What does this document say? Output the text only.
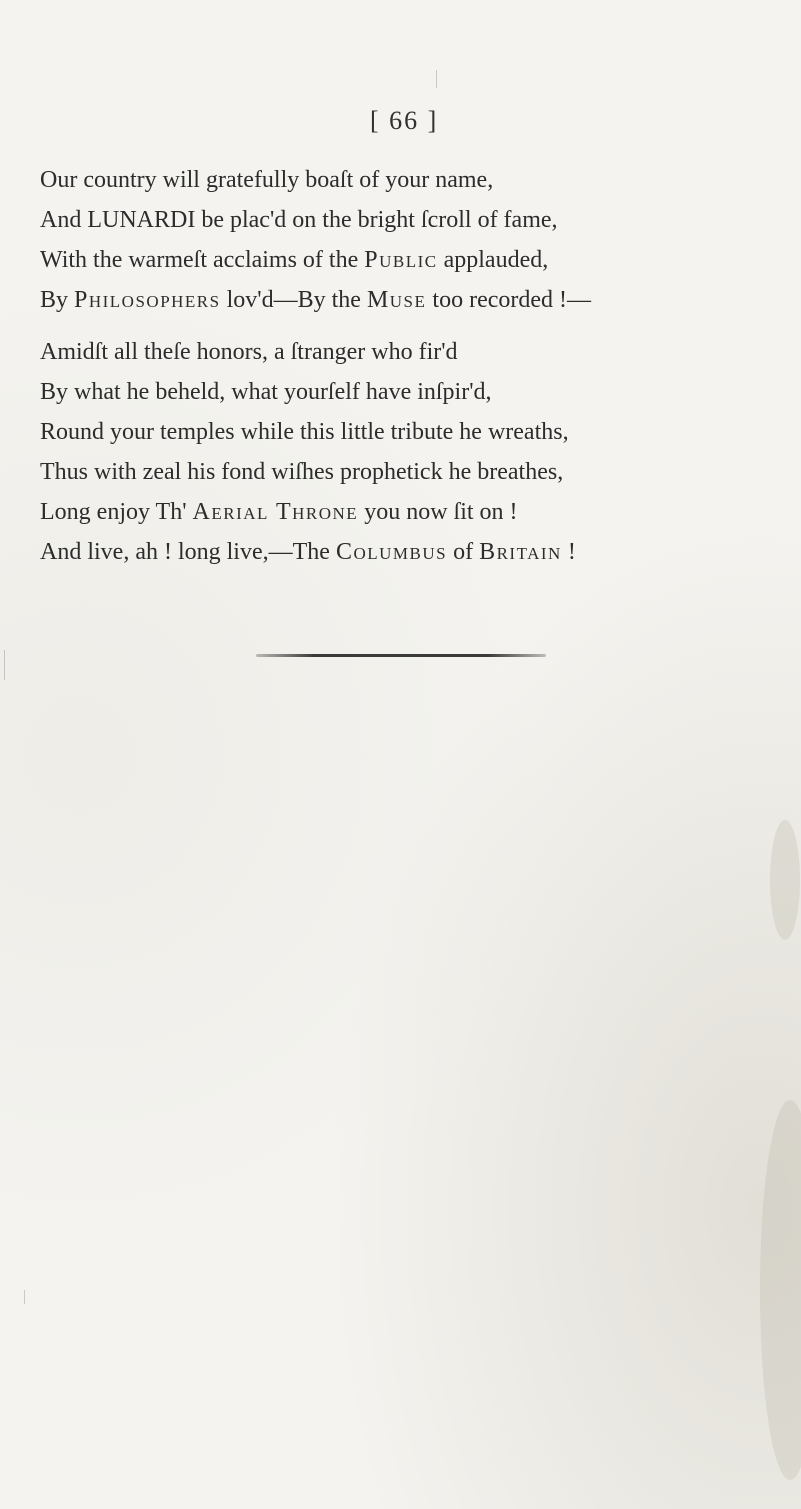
[ 66 ]
Our country will gratefully boaſt of your name,
And LUNARDI be plac'd on the bright ſcroll of fame,
With the warmeſt acclaims of the Public applauded,
By Philosophers lov'd—By the Muse too recorded !—
Amidſt all theſe honors, a ſtranger who fir'd
By what he beheld, what yourſelf have inſpir'd,
Round your temples while this little tribute he wreaths,
Thus with zeal his fond wiſhes prophetick he breathes,
Long enjoy Th' Aerial Throne you now ſit on !
And live, ah ! long live,—The Columbus of Britain !
